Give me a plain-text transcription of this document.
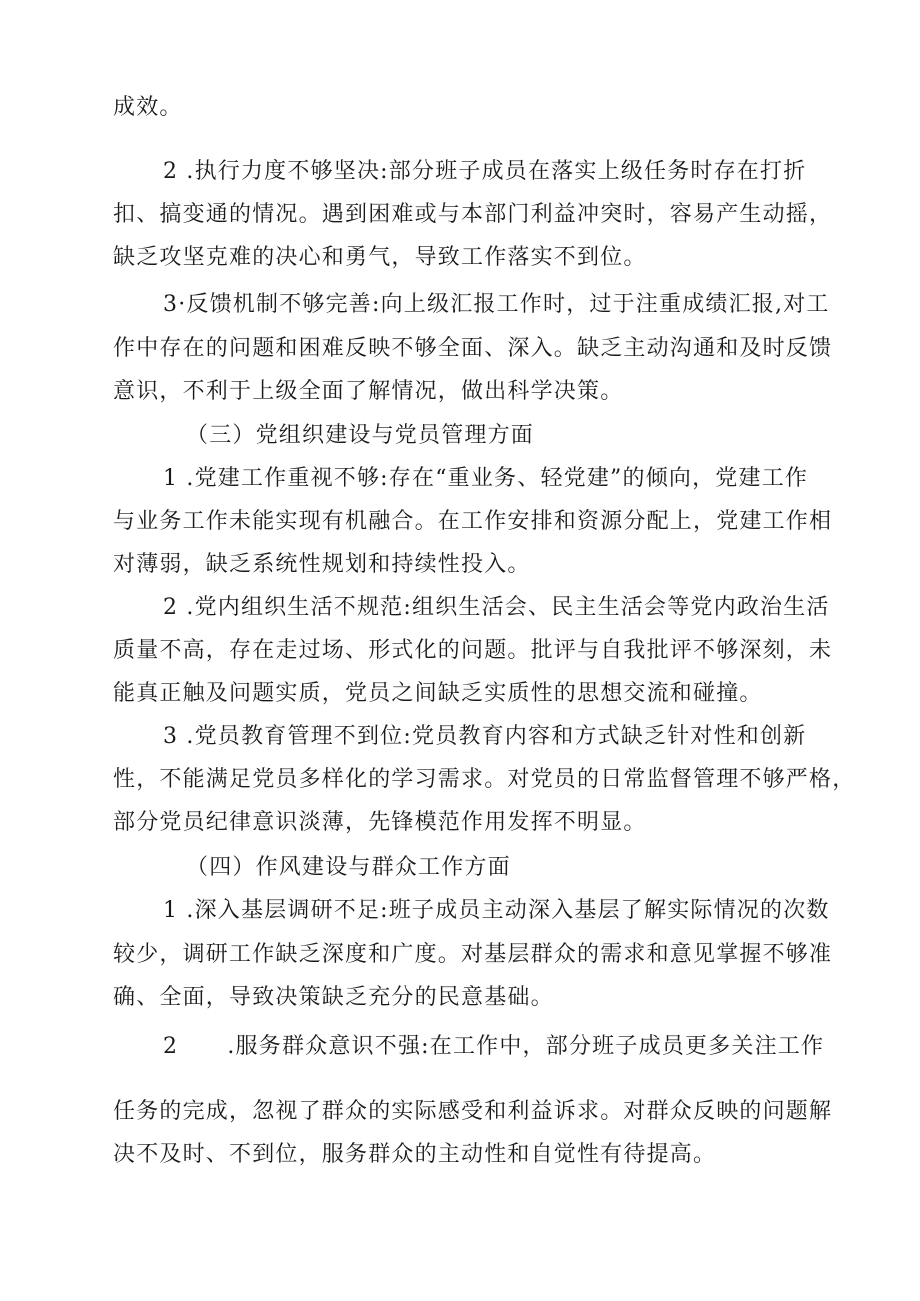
成效。
2 .执行力度不够坚决:部分班子成员在落实上级任务时存在打折
扣、搞变通的情况。遇到困难或与本部门利益冲突时，容易产生动摇，
缺乏攻坚克难的决心和勇气，导致工作落实不到位。
3·反馈机制不够完善:向上级汇报工作时，过于注重成绩汇报,对工
作中存在的问题和困难反映不够全面、深入。缺乏主动沟通和及时反馈
意识，不利于上级全面了解情况，做出科学决策。
（三）党组织建设与党员管理方面
1 .党建工作重视不够:存在“重业务、轻党建”的倾向，党建工作
与业务工作未能实现有机融合。在工作安排和资源分配上，党建工作相
对薄弱，缺乏系统性规划和持续性投入。
2 .党内组织生活不规范:组织生活会、民主生活会等党内政治生活
质量不高，存在走过场、形式化的问题。批评与自我批评不够深刻，未
能真正触及问题实质，党员之间缺乏实质性的思想交流和碰撞。
3 .党员教育管理不到位:党员教育内容和方式缺乏针对性和创新
性，不能满足党员多样化的学习需求。对党员的日常监督管理不够严格，
部分党员纪律意识淡薄，先锋模范作用发挥不明显。
（四）作风建设与群众工作方面
1 .深入基层调研不足:班子成员主动深入基层了解实际情况的次数
较少，调研工作缺乏深度和广度。对基层群众的需求和意见掌握不够准
确、全面，导致决策缺乏充分的民意基础。
2      .服务群众意识不强:在工作中，部分班子成员更多关注工作
任务的完成，忽视了群众的实际感受和利益诉求。对群众反映的问题解
决不及时、不到位，服务群众的主动性和自觉性有待提高。
